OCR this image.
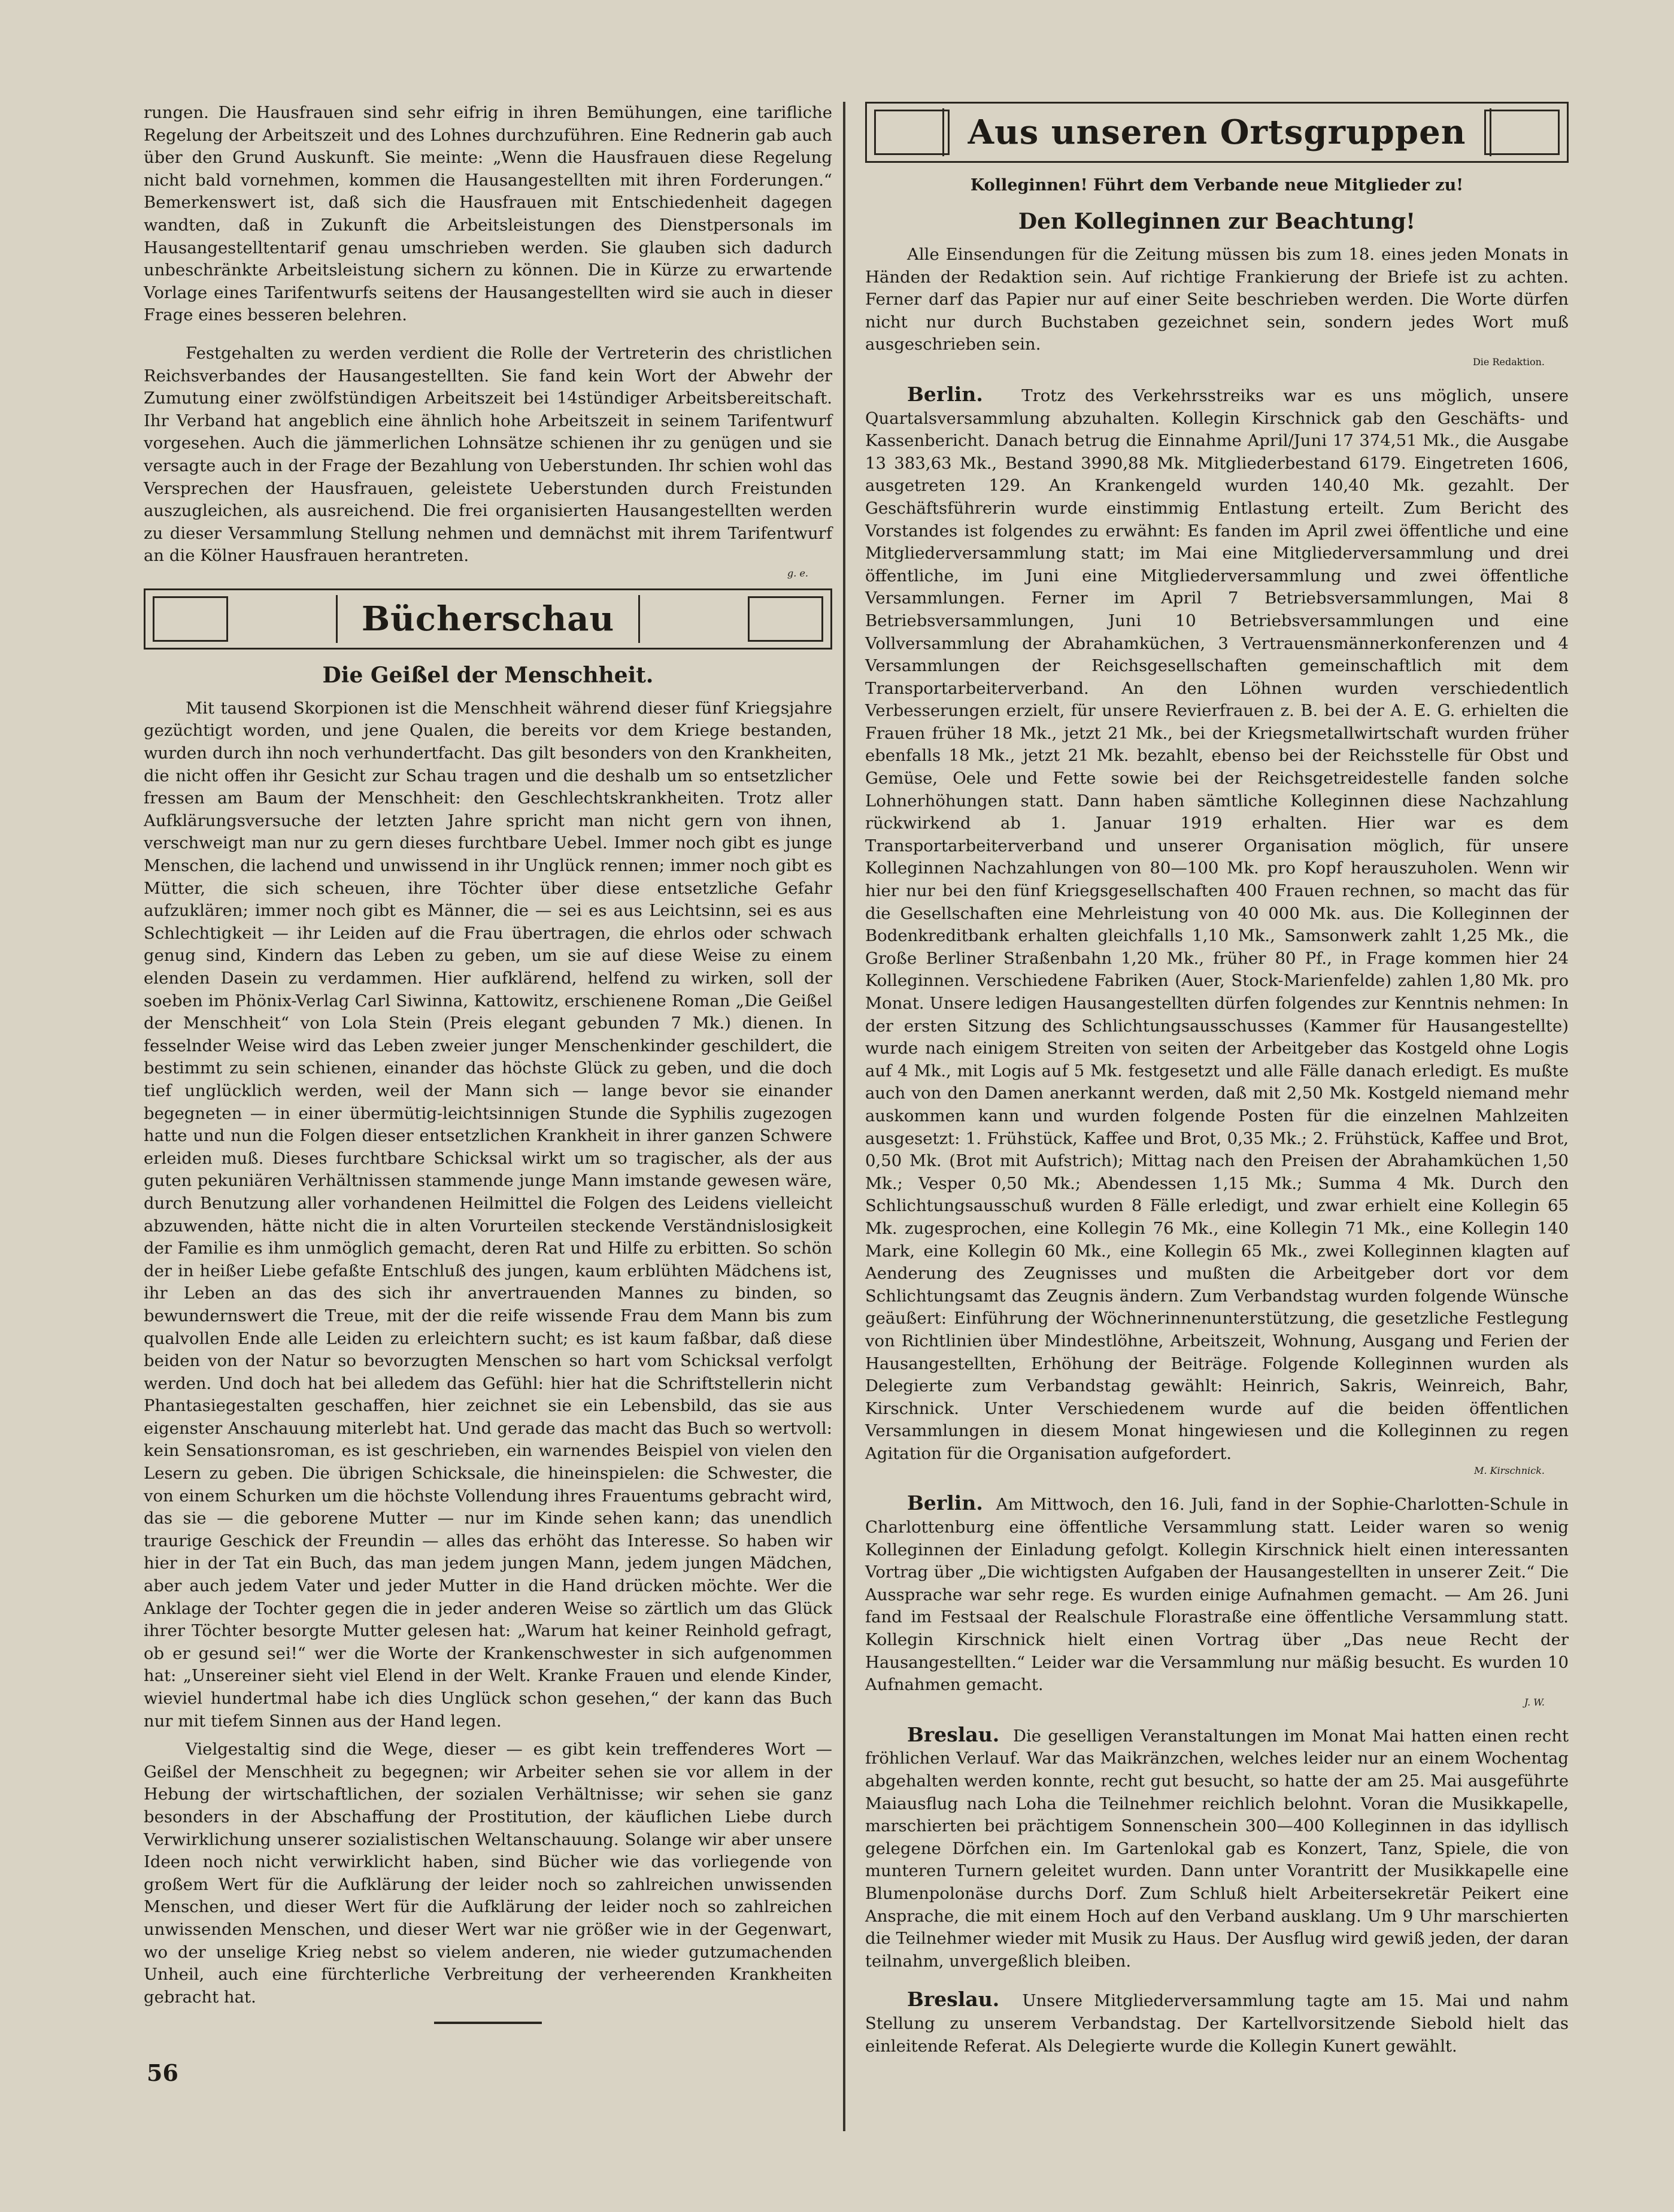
rungen. Die Hausfrauen sind sehr eifrig in ihren Bemühungen, eine tarifliche Regelung der Arbeitszeit und des Lohnes durchzuführen. Eine Rednerin gab auch über den Grund Auskunft. Sie meinte: „Wenn die Hausfrauen diese Regelung nicht bald vornehmen, kommen die Hausangestellten mit ihren Forderungen.“ Bemerkenswert ist, daß sich die Hausfrauen mit Entschiedenheit dagegen wandten, daß in Zukunft die Arbeitsleistungen des Dienstpersonals im Hausangestelltentarif genau umschrieben werden. Sie glauben sich dadurch unbeschränkte Arbeitsleistung sichern zu können. Die in Kürze zu erwartende Vorlage eines Tarifentwurfs seitens der Hausangestellten wird sie auch in dieser Frage eines besseren belehren.

Festgehalten zu werden verdient die Rolle der Vertreterin des christlichen Reichsverbandes der Hausangestellten. Sie fand kein Wort der Abwehr der Zumutung einer zwölfstündigen Arbeitszeit bei 14stündiger Arbeitsbereitschaft. Ihr Verband hat angeblich eine ähnlich hohe Arbeitszeit in seinem Tarifentwurf vorgesehen. Auch die jämmerlichen Lohnsätze schienen ihr zu genügen und sie versagte auch in der Frage der Bezahlung von Ueberstunden. Ihr schien wohl das Versprechen der Hausfrauen, geleistete Ueberstunden durch Freistunden auszugleichen, als ausreichend. Die frei organisierten Hausangestellten werden zu dieser Versammlung Stellung nehmen und demnächst mit ihrem Tarifentwurf an die Kölner Hausfrauen herantreten.

g. e.
Bücherschau
Die Geißel der Menschheit.

Mit tausend Skorpionen ist die Menschheit während dieser fünf Kriegsjahre gezüchtigt worden, und jene Qualen, die bereits vor dem Kriege bestanden, wurden durch ihn noch verhundertfacht. Das gilt besonders von den Krankheiten, die nicht offen ihr Gesicht zur Schau tragen und die deshalb um so entsetzlicher fressen am Baum der Menschheit: den Geschlechtskrankheiten. Trotz aller Aufklärungsversuche der letzten Jahre spricht man nicht gern von ihnen, verschweigt man nur zu gern dieses furchtbare Uebel. Immer noch gibt es junge Menschen, die lachend und unwissend in ihr Unglück rennen; immer noch gibt es Mütter, die sich scheuen, ihre Töchter über diese entsetzliche Gefahr aufzuklären; immer noch gibt es Männer, die — sei es aus Leichtsinn, sei es aus Schlechtigkeit — ihr Leiden auf die Frau übertragen, die ehrlos oder schwach genug sind, Kindern das Leben zu geben, um sie auf diese Weise zu einem elenden Dasein zu verdammen. Hier aufklärend, helfend zu wirken, soll der soeben im Phönix-Verlag Carl Siwinna, Kattowitz, erschienene Roman „Die Geißel der Menschheit“ von Lola Stein (Preis elegant gebunden 7 Mk.) dienen. In fesselnder Weise wird das Leben zweier junger Menschenkinder geschildert, die bestimmt zu sein schienen, einander das höchste Glück zu geben, und die doch tief unglücklich werden, weil der Mann sich — lange bevor sie einander begegneten — in einer übermütig-leichtsinnigen Stunde die Syphilis zugezogen hatte und nun die Folgen dieser entsetzlichen Krankheit in ihrer ganzen Schwere erleiden muß. Dieses furchtbare Schicksal wirkt um so tragischer, als der aus guten pekuniären Verhältnissen stammende junge Mann imstande gewesen wäre, durch Benutzung aller vorhandenen Heilmittel die Folgen des Leidens vielleicht abzuwenden, hätte nicht die in alten Vorurteilen steckende Verständnislosigkeit der Familie es ihm unmöglich gemacht, deren Rat und Hilfe zu erbitten. So schön der in heißer Liebe gefaßte Entschluß des jungen, kaum erblühten Mädchens ist, ihr Leben an das des sich ihr anvertrauenden Mannes zu binden, so bewundernswert die Treue, mit der die reife wissende Frau dem Mann bis zum qualvollen Ende alle Leiden zu erleichtern sucht; es ist kaum faßbar, daß diese beiden von der Natur so bevorzugten Menschen so hart vom Schicksal verfolgt werden. Und doch hat bei alledem das Gefühl: hier hat die Schriftstellerin nicht Phantasiegestalten geschaffen, hier zeichnet sie ein Lebensbild, das sie aus eigenster Anschauung miterlebt hat. Und gerade das macht das Buch so wertvoll: kein Sensationsroman, es ist geschrieben, ein warnendes Beispiel von vielen den Lesern zu geben. Die übrigen Schicksale, die hineinspielen: die Schwester, die von einem Schurken um die höchste Vollendung ihres Frauentums gebracht wird, das sie — die geborene Mutter — nur im Kinde sehen kann; das unendlich traurige Geschick der Freundin — alles das erhöht das Interesse. So haben wir hier in der Tat ein Buch, das man jedem jungen Mann, jedem jungen Mädchen, aber auch jedem Vater und jeder Mutter in die Hand drücken möchte. Wer die Anklage der Tochter gegen die in jeder anderen Weise so zärtlich um das Glück ihrer Töchter besorgte Mutter gelesen hat: „Warum hat keiner Reinhold gefragt, ob er gesund sei!“ wer die Worte der Krankenschwester in sich aufgenommen hat: „Unsereiner sieht viel Elend in der Welt. Kranke Frauen und elende Kinder, wieviel hundertmal habe ich dies Unglück schon gesehen,“ der kann das Buch nur mit tiefem Sinnen aus der Hand legen.

Vielgestaltig sind die Wege, dieser — es gibt kein treffenderes Wort — Geißel der Menschheit zu begegnen; wir Arbeiter sehen sie vor allem in der Hebung der wirtschaftlichen, der sozialen Verhältnisse; wir sehen sie ganz besonders in der Abschaffung der Prostitution, der käuflichen Liebe durch Verwirklichung unserer sozialistischen Weltanschauung. Solange wir aber unsere Ideen noch nicht verwirklicht haben, sind Bücher wie das vorliegende von großem Wert für die Aufklärung der leider noch so zahlreichen unwissenden Menschen, und dieser Wert für die Aufklärung der leider noch so zahlreichen unwissenden Menschen, und dieser Wert war nie größer wie in der Gegenwart, wo der unselige Krieg nebst so vielem anderen, nie wieder gutzumachenden Unheil, auch eine fürchterliche Verbreitung der verheerenden Krankheiten gebracht hat.

Aus unseren Ortsgruppen
Kolleginnen! Führt dem Verbande neue Mitglieder zu!
Den Kolleginnen zur Beachtung!

Alle Einsendungen für die Zeitung müssen bis zum 18. eines jeden Monats in Händen der Redaktion sein. Auf richtige Frankierung der Briefe ist zu achten. Ferner darf das Papier nur auf einer Seite beschrieben werden. Die Worte dürfen nicht nur durch Buchstaben gezeichnet sein, sondern jedes Wort muß ausgeschrieben sein.

Die Redaktion.

Berlin. Trotz des Verkehrsstreiks war es uns möglich, unsere Quartalsversammlung abzuhalten. Kollegin Kirschnick gab den Geschäfts- und Kassenbericht. Danach betrug die Einnahme April/Juni 17 374,51 Mk., die Ausgabe 13 383,63 Mk., Bestand 3990,88 Mk. Mitgliederbestand 6179. Eingetreten 1606, ausgetreten 129. An Krankengeld wurden 140,40 Mk. gezahlt. Der Geschäftsführerin wurde einstimmig Entlastung erteilt. Zum Bericht des Vorstandes ist folgendes zu erwähnt: Es fanden im April zwei öffentliche und eine Mitgliederversammlung statt; im Mai eine Mitgliederversammlung und drei öffentliche, im Juni eine Mitgliederversammlung und zwei öffentliche Versammlungen. Ferner im April 7 Betriebsversammlungen, Mai 8 Betriebsversammlungen, Juni 10 Betriebsversammlungen und eine Vollversammlung der Abrahamküchen, 3 Vertrauensmännerkonferenzen und 4 Versammlungen der Reichsgesellschaften gemeinschaftlich mit dem Transportarbeiterverband. An den Löhnen wurden verschiedentlich Verbesserungen erzielt, für unsere Revierfrauen z. B. bei der A. E. G. erhielten die Frauen früher 18 Mk., jetzt 21 Mk., bei der Kriegsmetallwirtschaft wurden früher ebenfalls 18 Mk., jetzt 21 Mk. bezahlt, ebenso bei der Reichsstelle für Obst und Gemüse, Oele und Fette sowie bei der Reichsgetreidestelle fanden solche Lohnerhöhungen statt. Dann haben sämtliche Kolleginnen diese Nachzahlung rückwirkend ab 1. Januar 1919 erhalten. Hier war es dem Transportarbeiterverband und unserer Organisation möglich, für unsere Kolleginnen Nachzahlungen von 80—100 Mk. pro Kopf herauszuholen. Wenn wir hier nur bei den fünf Kriegsgesellschaften 400 Frauen rechnen, so macht das für die Gesellschaften eine Mehrleistung von 40 000 Mk. aus. Die Kolleginnen der Bodenkreditbank erhalten gleichfalls 1,10 Mk., Samsonwerk zahlt 1,25 Mk., die Große Berliner Straßenbahn 1,20 Mk., früher 80 Pf., in Frage kommen hier 24 Kolleginnen. Verschiedene Fabriken (Auer, Stock-Marienfelde) zahlen 1,80 Mk. pro Monat. Unsere ledigen Hausangestellten dürfen folgendes zur Kenntnis nehmen: In der ersten Sitzung des Schlichtungsausschusses (Kammer für Hausangestellte) wurde nach einigem Streiten von seiten der Arbeitgeber das Kostgeld ohne Logis auf 4 Mk., mit Logis auf 5 Mk. festgesetzt und alle Fälle danach erledigt. Es mußte auch von den Damen anerkannt werden, daß mit 2,50 Mk. Kostgeld niemand mehr auskommen kann und wurden folgende Posten für die einzelnen Mahlzeiten ausgesetzt: 1. Frühstück, Kaffee und Brot, 0,35 Mk.; 2. Frühstück, Kaffee und Brot, 0,50 Mk. (Brot mit Aufstrich); Mittag nach den Preisen der Abrahamküchen 1,50 Mk.; Vesper 0,50 Mk.; Abendessen 1,15 Mk.; Summa 4 Mk. Durch den Schlichtungsausschuß wurden 8 Fälle erledigt, und zwar erhielt eine Kollegin 65 Mk. zugesprochen, eine Kollegin 76 Mk., eine Kollegin 71 Mk., eine Kollegin 140 Mark, eine Kollegin 60 Mk., eine Kollegin 65 Mk., zwei Kolleginnen klagten auf Aenderung des Zeugnisses und mußten die Arbeitgeber dort vor dem Schlichtungsamt das Zeugnis ändern. Zum Verbandstag wurden folgende Wünsche geäußert: Einführung der Wöchnerinnenunterstützung, die gesetzliche Festlegung von Richtlinien über Mindestlöhne, Arbeitszeit, Wohnung, Ausgang und Ferien der Hausangestellten, Erhöhung der Beiträge. Folgende Kolleginnen wurden als Delegierte zum Verbandstag gewählt: Heinrich, Sakris, Weinreich, Bahr, Kirschnick. Unter Verschiedenem wurde auf die beiden öffentlichen Versammlungen in diesem Monat hingewiesen und die Kolleginnen zu regen Agitation für die Organisation aufgefordert.

M. Kirschnick.

Berlin. Am Mittwoch, den 16. Juli, fand in der Sophie-Charlotten-Schule in Charlottenburg eine öffentliche Versammlung statt. Leider waren so wenig Kolleginnen der Einladung gefolgt. Kollegin Kirschnick hielt einen interessanten Vortrag über „Die wichtigsten Aufgaben der Hausangestellten in unserer Zeit.“ Die Aussprache war sehr rege. Es wurden einige Aufnahmen gemacht. — Am 26. Juni fand im Festsaal der Realschule Florastraße eine öffentliche Versammlung statt. Kollegin Kirschnick hielt einen Vortrag über „Das neue Recht der Hausangestellten.“ Leider war die Versammlung nur mäßig besucht. Es wurden 10 Aufnahmen gemacht.

J. W.

Breslau. Die geselligen Veranstaltungen im Monat Mai hatten einen recht fröhlichen Verlauf. War das Maikränzchen, welches leider nur an einem Wochentag abgehalten werden konnte, recht gut besucht, so hatte der am 25. Mai ausgeführte Maiausflug nach Loha die Teilnehmer reichlich belohnt. Voran die Musikkapelle, marschierten bei prächtigem Sonnenschein 300—400 Kolleginnen in das idyllisch gelegene Dörfchen ein. Im Gartenlokal gab es Konzert, Tanz, Spiele, die von munteren Turnern geleitet wurden. Dann unter Vorantritt der Musikkapelle eine Blumenpolonäse durchs Dorf. Zum Schluß hielt Arbeitersekretär Peikert eine Ansprache, die mit einem Hoch auf den Verband ausklang. Um 9 Uhr marschierten die Teilnehmer wieder mit Musik zu Haus. Der Ausflug wird gewiß jeden, der daran teilnahm, unvergeßlich bleiben.

Breslau. Unsere Mitgliederversammlung tagte am 15. Mai und nahm Stellung zu unserem Verbandstag. Der Kartellvorsitzende Siebold hielt das einleitende Referat. Als Delegierte wurde die Kollegin Kunert gewählt.

56
